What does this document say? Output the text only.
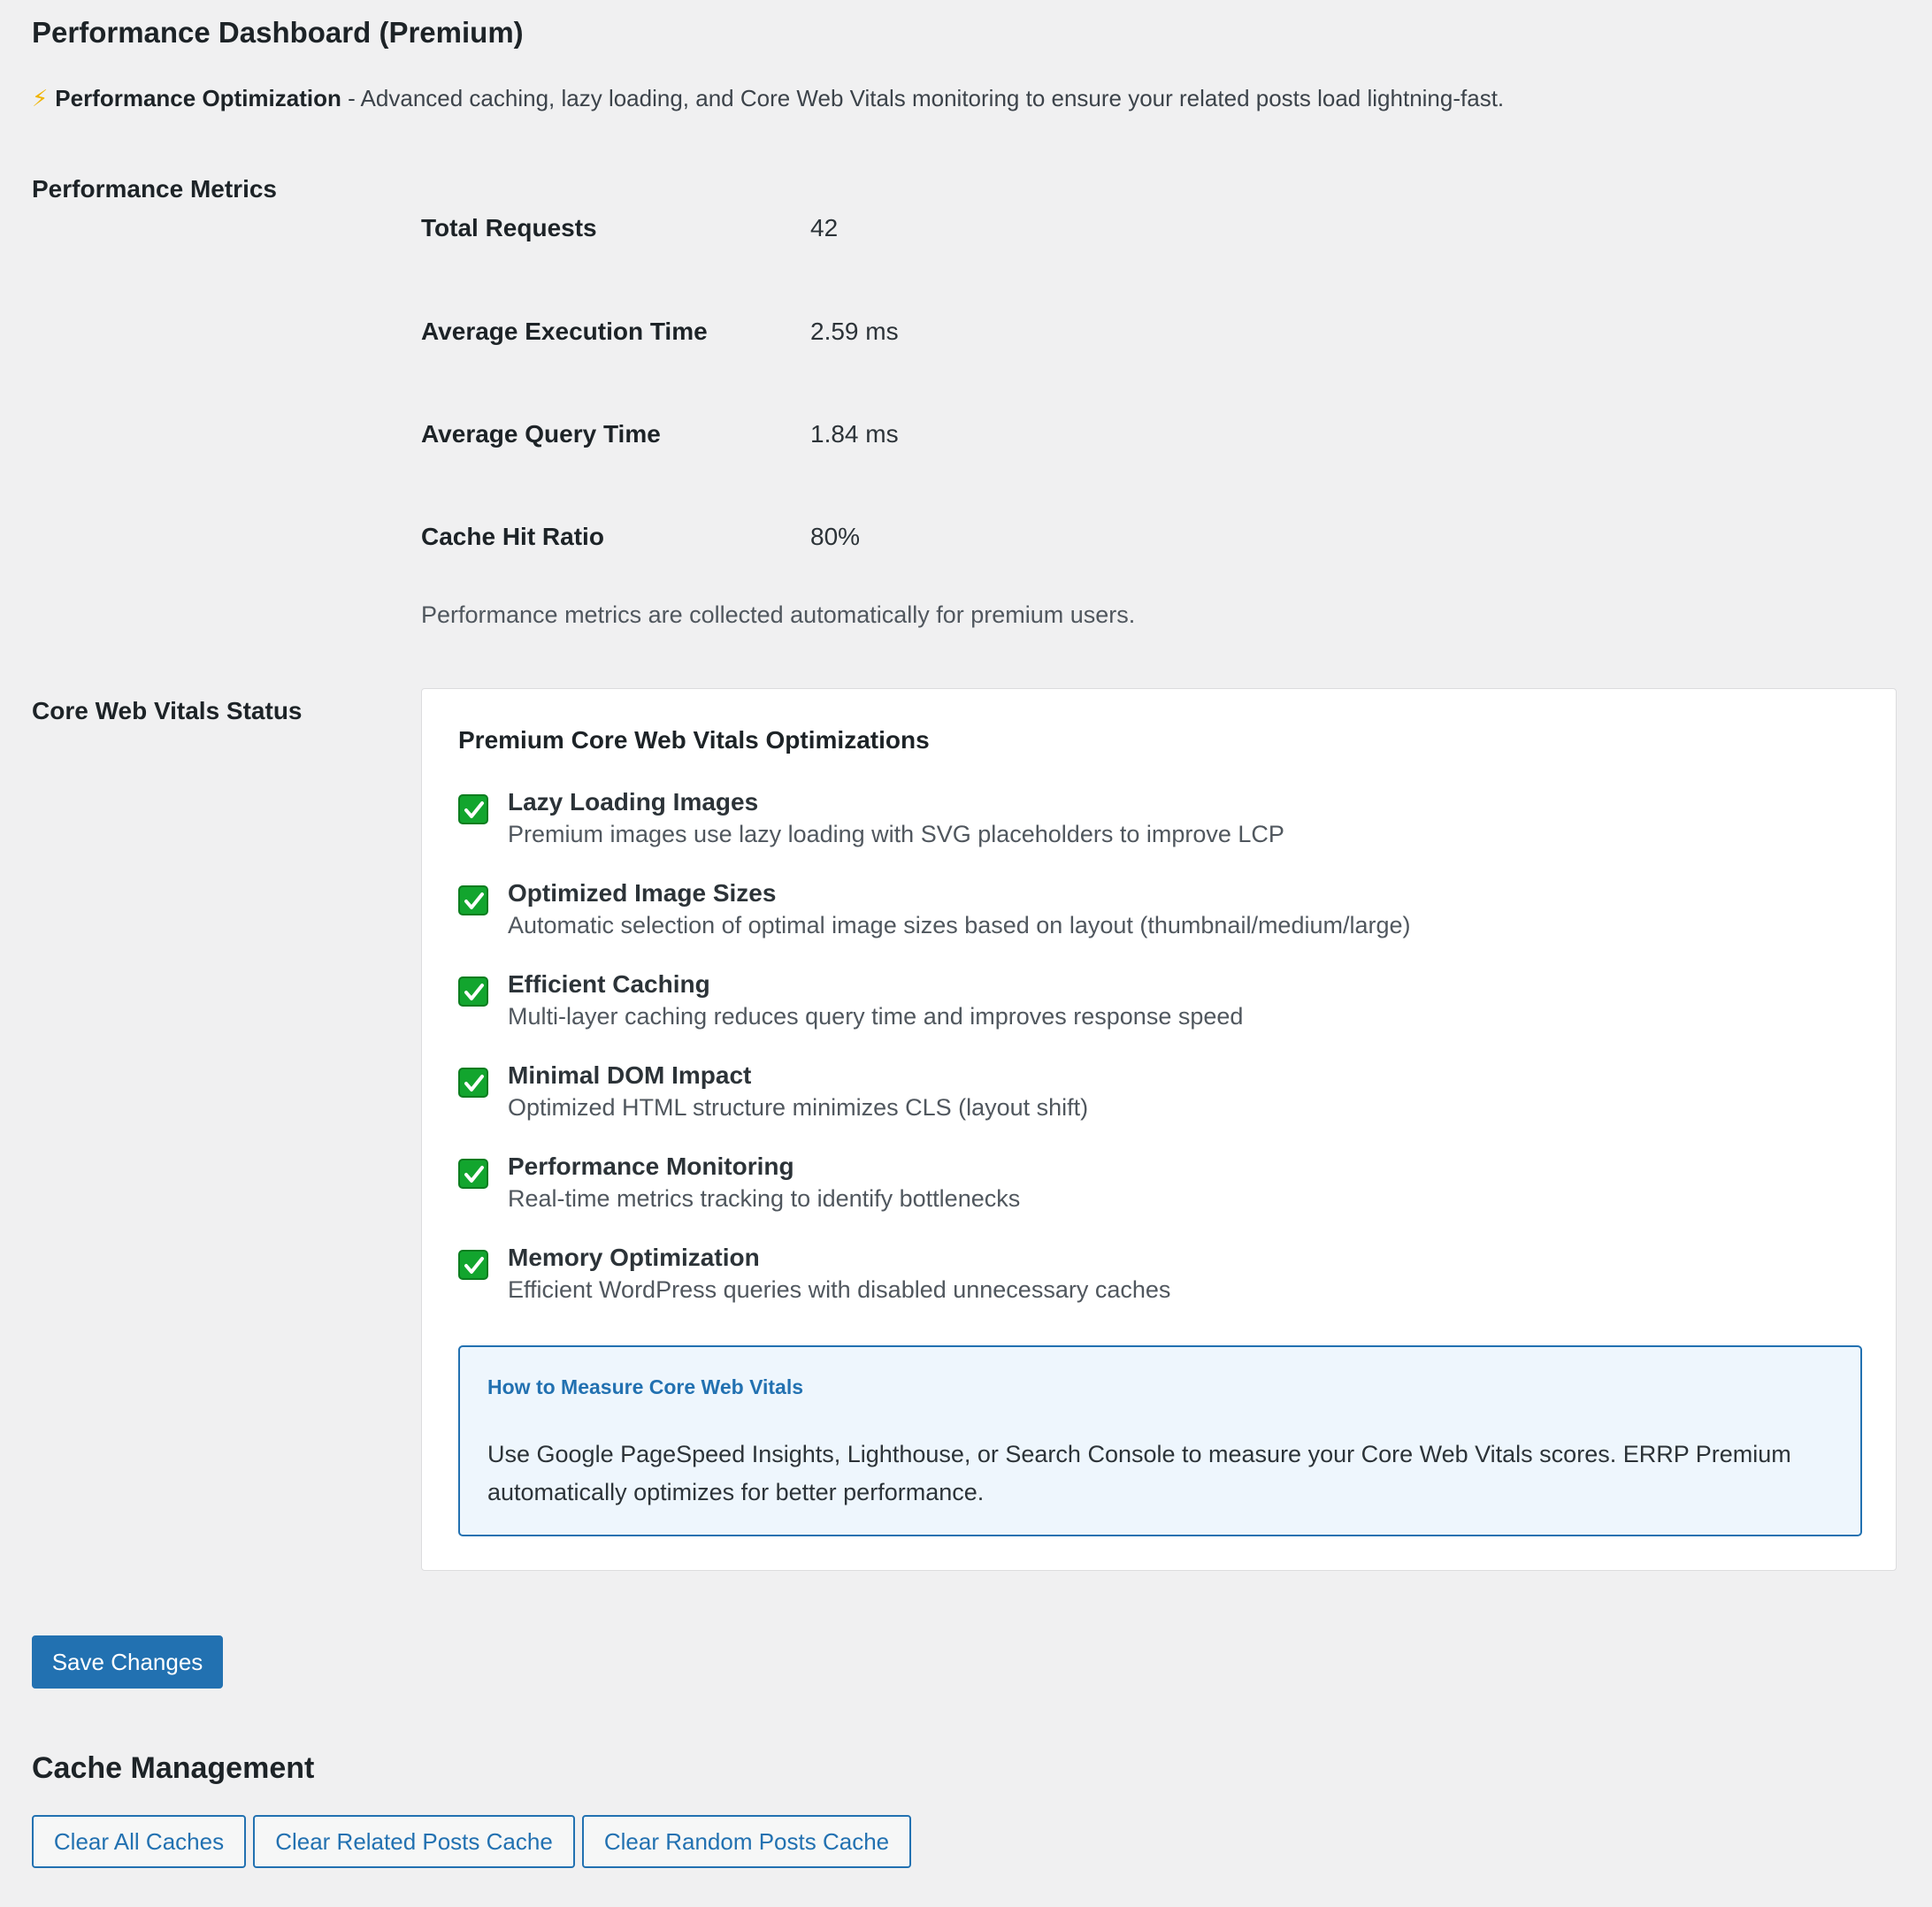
Performance Dashboard (Premium)
⚡ Performance Optimization - Advanced caching, lazy loading, and Core Web Vitals monitoring to ensure your related posts load lightning-fast.
Performance Metrics
Total Requests	42
Average Execution Time	2.59 ms
Average Query Time	1.84 ms
Cache Hit Ratio	80%
Performance metrics are collected automatically for premium users.
Core Web Vitals Status
Premium Core Web Vitals Optimizations
Lazy Loading Images
Premium images use lazy loading with SVG placeholders to improve LCP
Optimized Image Sizes
Automatic selection of optimal image sizes based on layout (thumbnail/medium/large)
Efficient Caching
Multi-layer caching reduces query time and improves response speed
Minimal DOM Impact
Optimized HTML structure minimizes CLS (layout shift)
Performance Monitoring
Real-time metrics tracking to identify bottlenecks
Memory Optimization
Efficient WordPress queries with disabled unnecessary caches
How to Measure Core Web Vitals
Use Google PageSpeed Insights, Lighthouse, or Search Console to measure your Core Web Vitals scores. ERRP Premium automatically optimizes for better performance.
Save Changes
Cache Management
Clear All Caches	Clear Related Posts Cache	Clear Random Posts Cache
